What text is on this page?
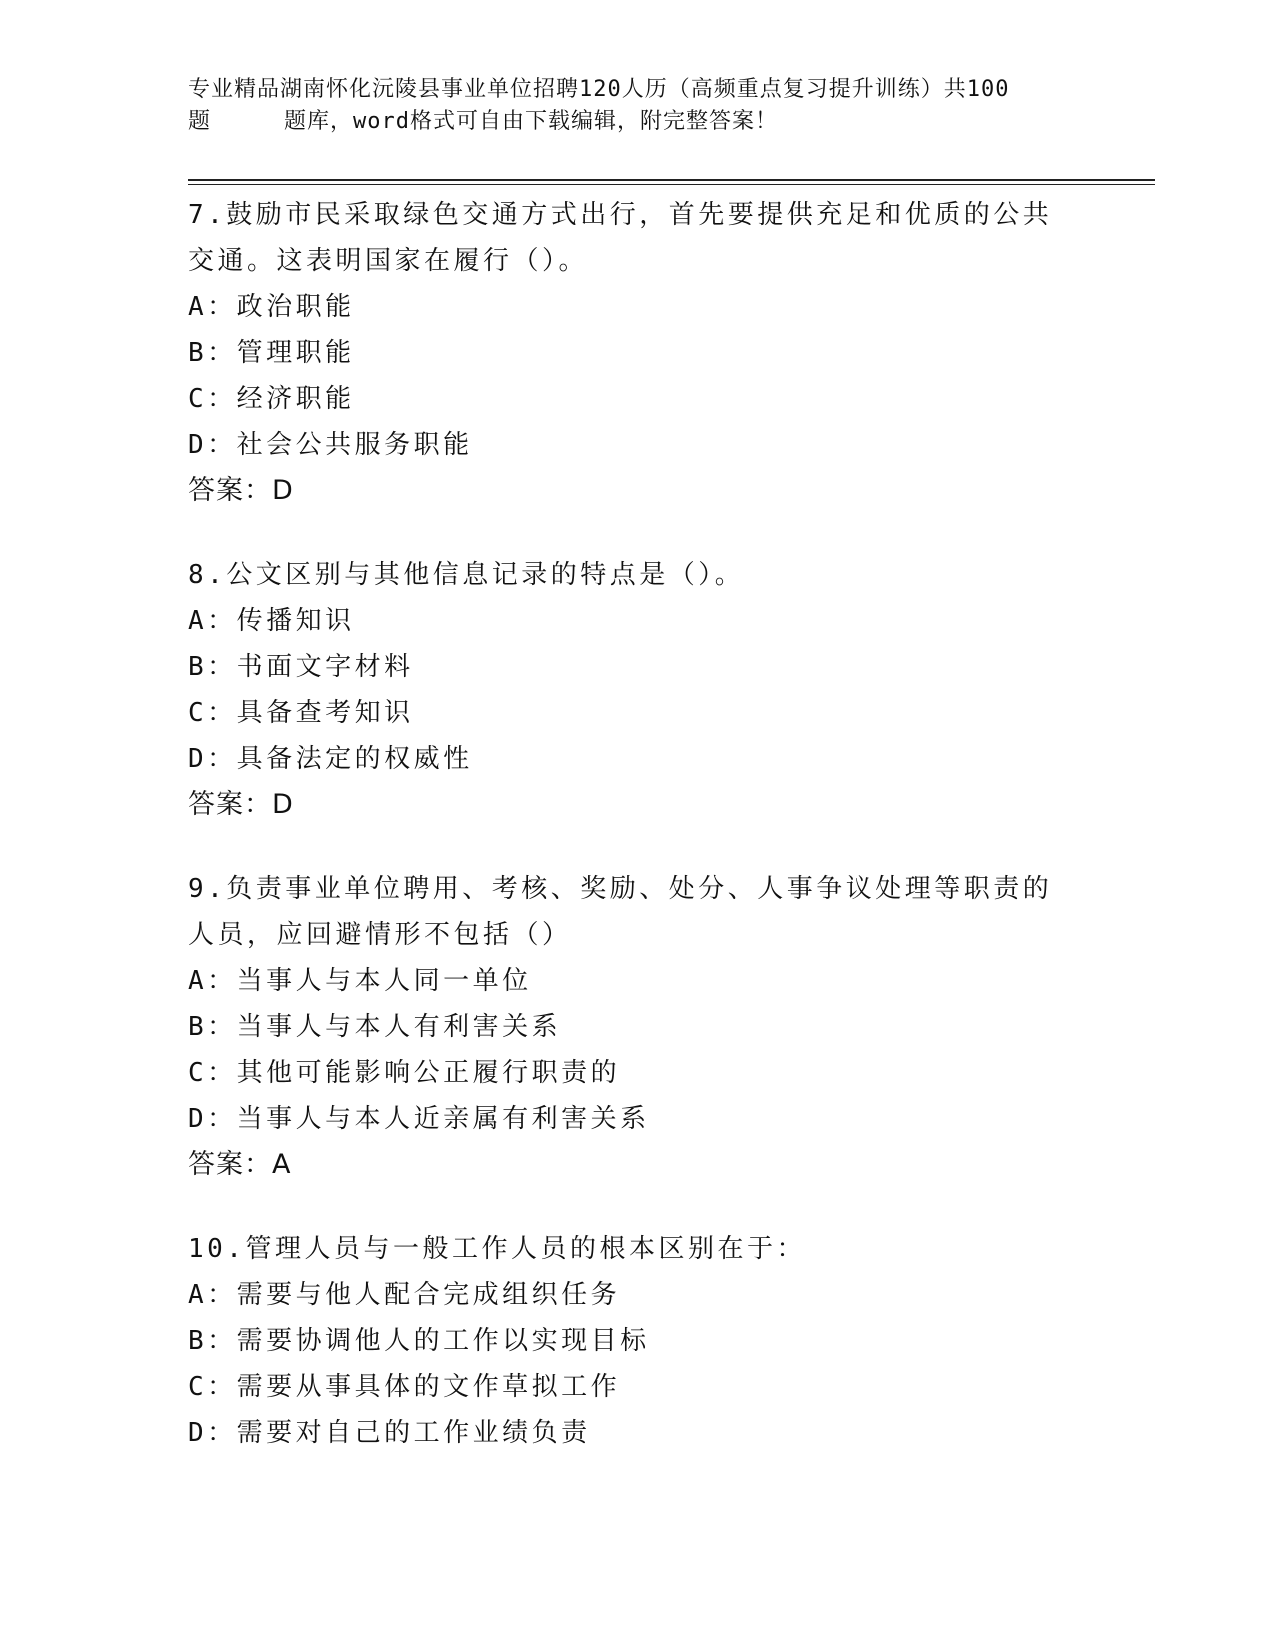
专业精品湖南怀化沅陵县事业单位招聘120人历（高频重点复习提升训练）共100
题	题库，word格式可自由下载编辑，附完整答案！
7.鼓励市民采取绿色交通方式出行，首先要提供充足和优质的公共交通。这表明国家在履行（）。
A：政治职能
B：管理职能
C：经济职能
D：社会公共服务职能
答案：D
8.公文区别与其他信息记录的特点是（）。
A：传播知识
B：书面文字材料
C：具备查考知识
D：具备法定的权威性
答案：D
9.负责事业单位聘用、考核、奖励、处分、人事争议处理等职责的人员，应回避情形不包括（）
A：当事人与本人同一单位
B：当事人与本人有利害关系
C：其他可能影响公正履行职责的
D：当事人与本人近亲属有利害关系
答案：A
10.管理人员与一般工作人员的根本区别在于：
A：需要与他人配合完成组织任务
B：需要协调他人的工作以实现目标
C：需要从事具体的文作草拟工作
D：需要对自己的工作业绩负责
